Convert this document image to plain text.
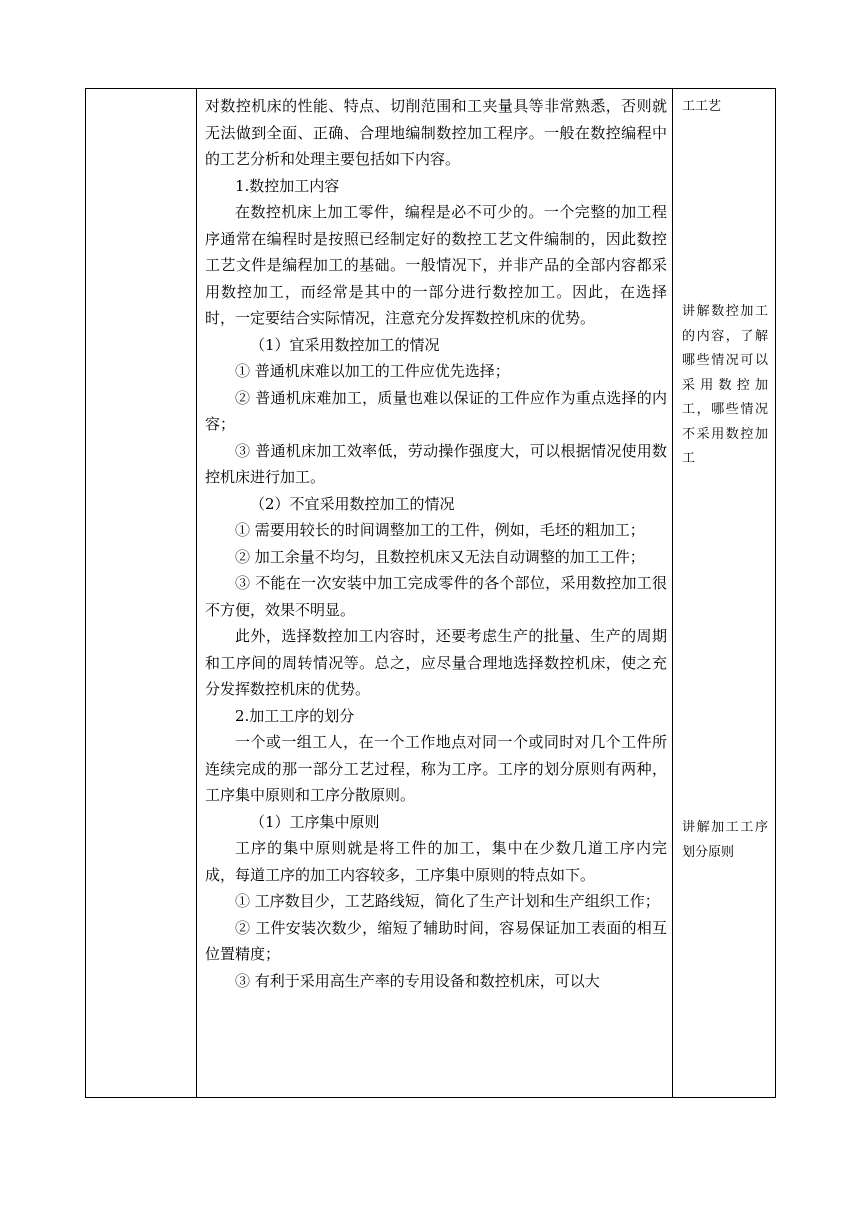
对数控机床的性能、特点、切削范围和工夹量具等非常熟悉，否则就无法做到全面、正确、合理地编制数控加工程序。一般在数控编程中的工艺分析和处理主要包括如下内容。

1.数控加工内容

在数控机床上加工零件，编程是必不可少的。一个完整的加工程序通常在编程时是按照已经制定好的数控工艺文件编制的，因此数控工艺文件是编程加工的基础。一般情况下，并非产品的全部内容都采用数控加工，而经常是其中的一部分进行数控加工。因此，在选择时，一定要结合实际情况，注意充分发挥数控机床的优势。

（1）宜采用数控加工的情况

① 普通机床难以加工的工件应优先选择；

② 普通机床难加工，质量也难以保证的工件应作为重点选择的内容；

③ 普通机床加工效率低，劳动操作强度大，可以根据情况使用数控机床进行加工。

（2）不宜采用数控加工的情况

① 需要用较长的时间调整加工的工件，例如，毛坯的粗加工；

② 加工余量不均匀，且数控机床又无法自动调整的加工工件；

③ 不能在一次安装中加工完成零件的各个部位，采用数控加工很不方便，效果不明显。

此外，选择数控加工内容时，还要考虑生产的批量、生产的周期和工序间的周转情况等。总之，应尽量合理地选择数控机床，使之充分发挥数控机床的优势。

2.加工工序的划分

一个或一组工人，在一个工作地点对同一个或同时对几个工件所连续完成的那一部分工艺过程，称为工序。工序的划分原则有两种，工序集中原则和工序分散原则。

（1）工序集中原则

工序的集中原则就是将工件的加工，集中在少数几道工序内完成，每道工序的加工内容较多，工序集中原则的特点如下。

① 工序数目少，工艺路线短，简化了生产计划和生产组织工作；

② 工件安装次数少，缩短了辅助时间，容易保证加工表面的相互位置精度；

③ 有利于采用高生产率的专用设备和数控机床，可以大

工工艺

讲解数控加工的内容，了解哪些情况可以采用数控加工，哪些情况不采用数控加工

讲解加工工序划分原则
